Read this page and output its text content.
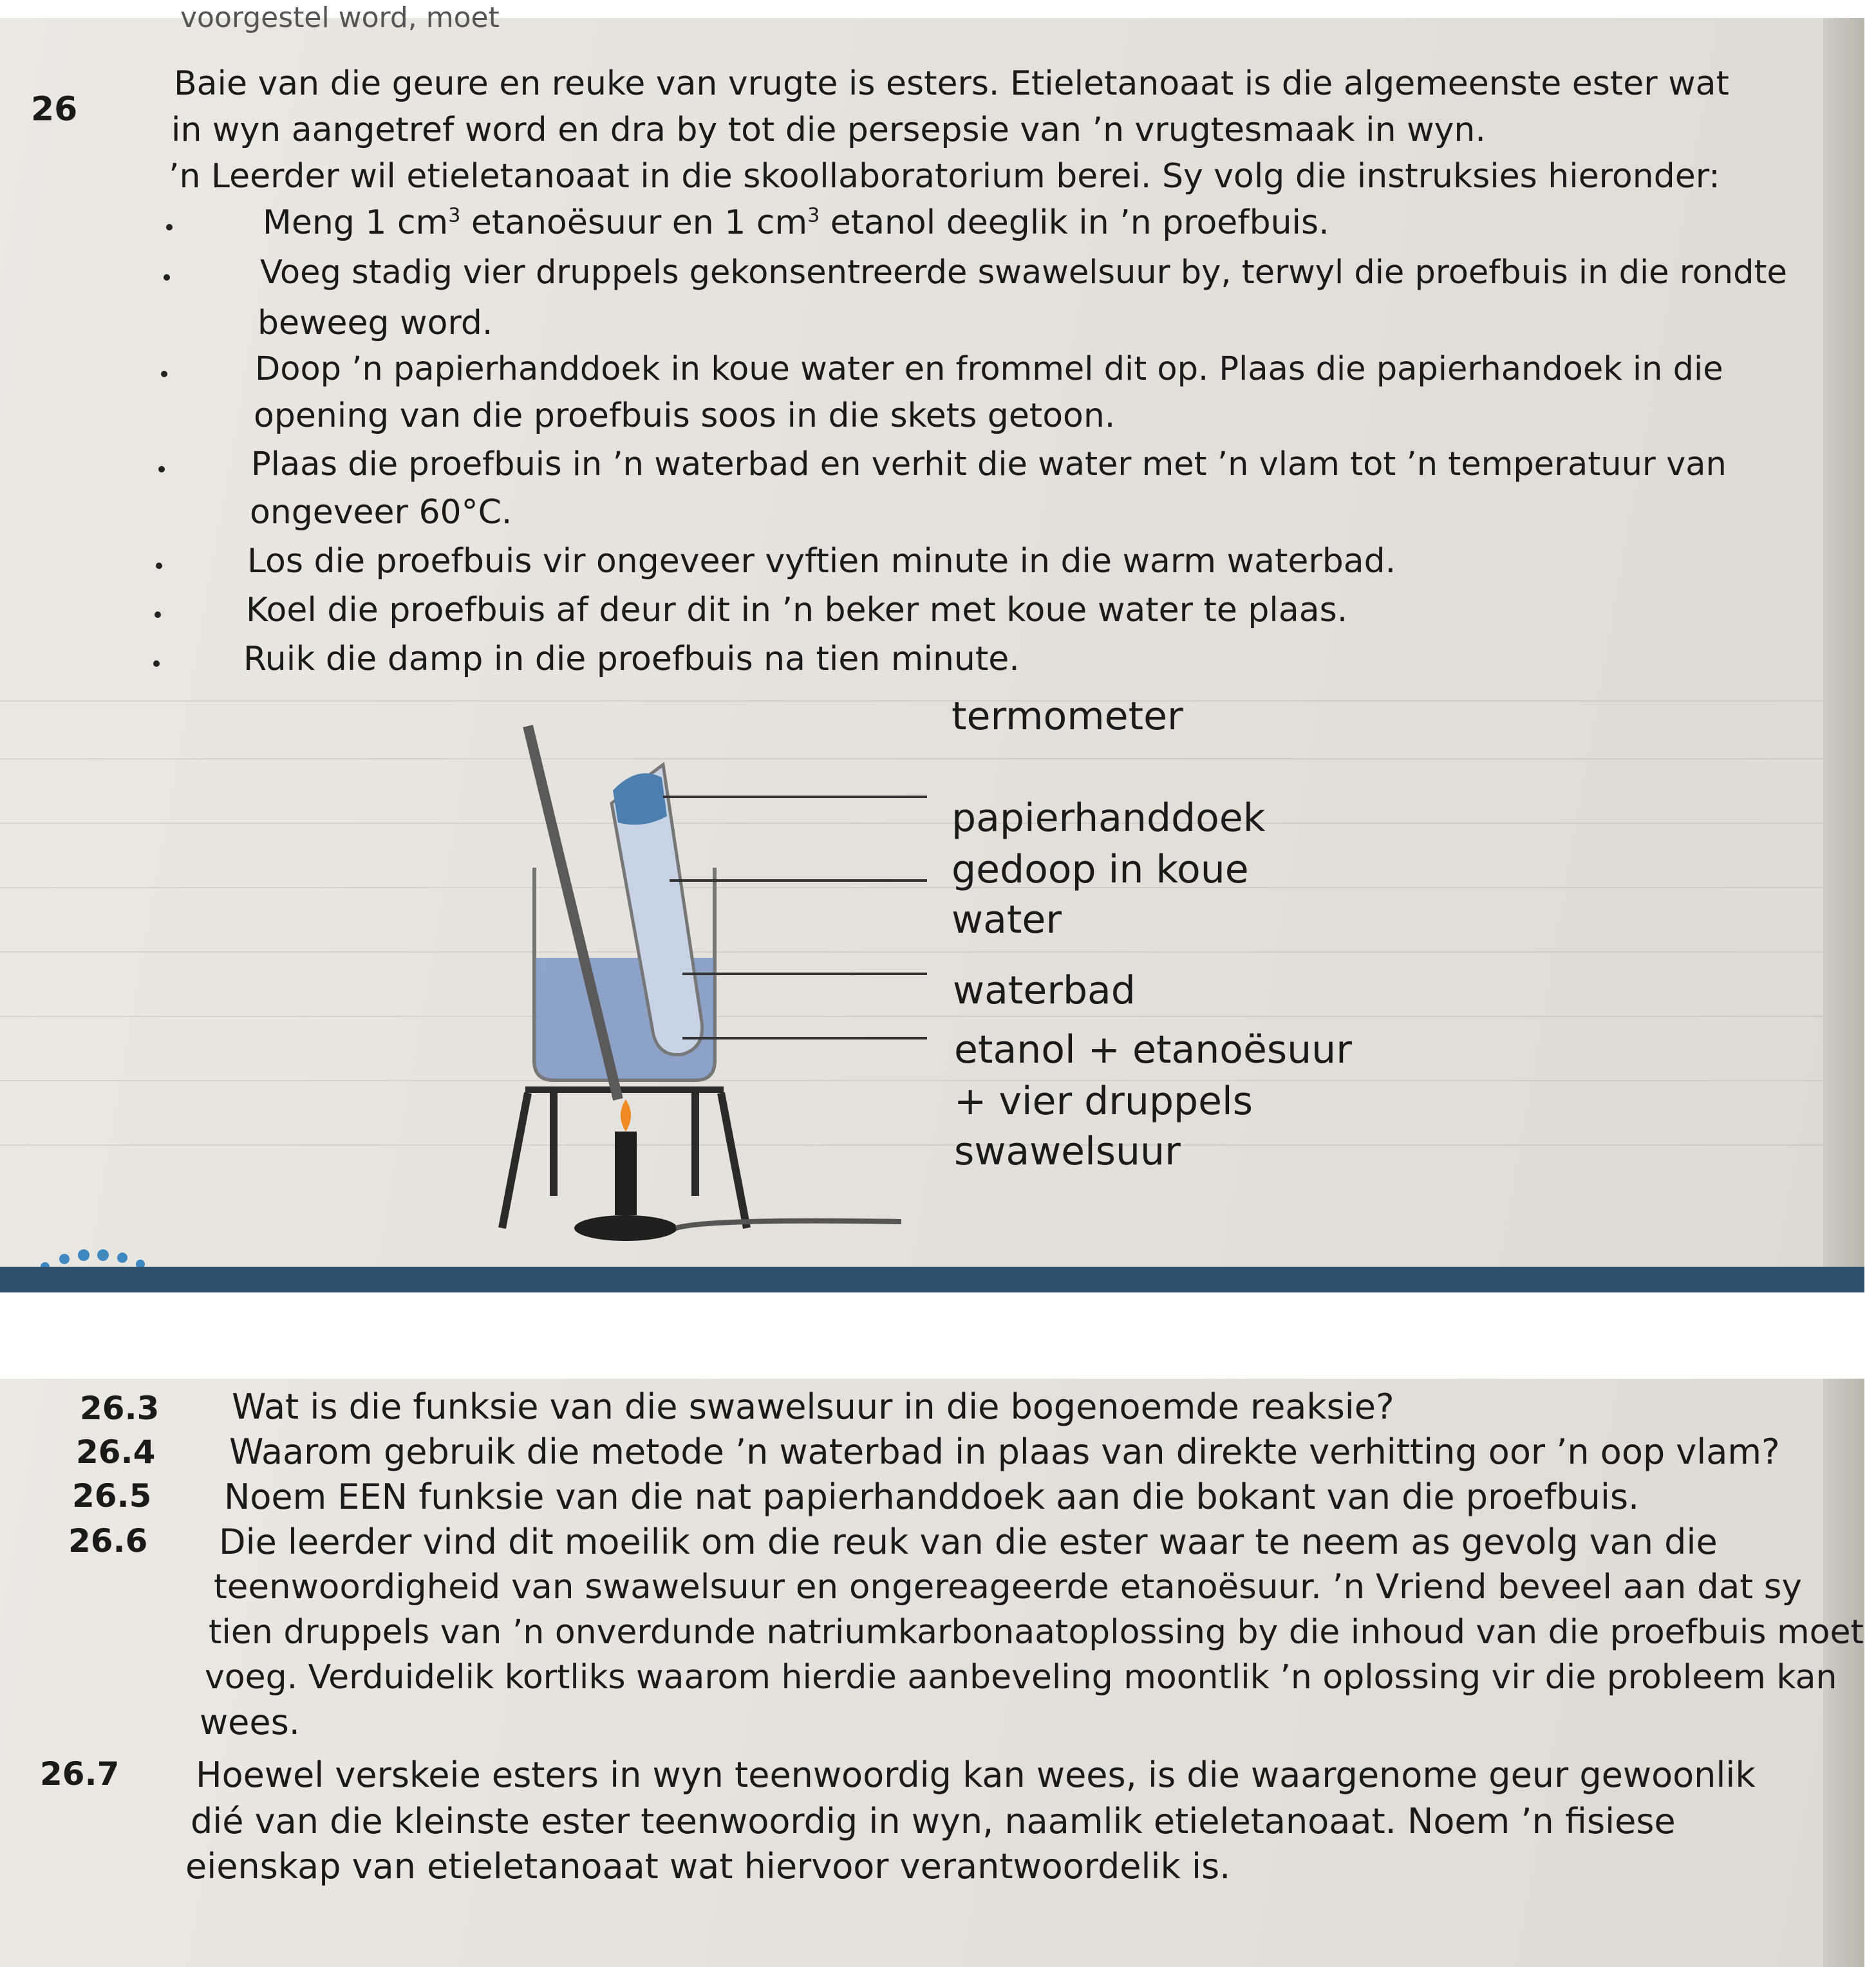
voorgestel word, moet
26
Baie van die geure en reuke van vrugte is esters. Etieletanoaat is die algemeenste ester wat
in wyn aangetref word en dra by tot die persepsie van ’n vrugtesmaak in wyn.
’n Leerder wil etieletanoaat in die skoollaboratorium berei. Sy volg die instruksies hieronder:
Meng 1 $cm^3$ etanoësuur en 1 $cm^3$ etanol deeglik in ’n proefbuis.
Voeg stadig vier druppels gekonsentreerde swawelsuur by, terwyl die proefbuis in die rondte
beweeg word.
Doop ’n papierhanddoek in koue water en frommel dit op. Plaas die papierhandoek in die
opening van die proefbuis soos in die skets getoon.
Plaas die proefbuis in ’n waterbad en verhit die water met ’n vlam tot ’n temperatuur van
ongeveer 60°C.
Los die proefbuis vir ongeveer vyftien minute in die warm waterbad.
Koel die proefbuis af deur dit in ’n beker met koue water te plaas.
Ruik die damp in die proefbuis na tien minute.
termometer
papierhanddoek
gedoop in koue
water
waterbad
etanol + etanoësuur
+ vier druppels
swawelsuur
26.3 Wat is die funksie van die swawelsuur in die bogenoemde reaksie?
26.4 Waarom gebruik die metode ’n waterbad in plaas van direkte verhitting oor ’n oop vlam?
26.5 Noem EEN funksie van die nat papierhanddoek aan die bokant van die proefbuis.
26.6 Die leerder vind dit moeilik om die reuk van die ester waar te neem as gevolg van die
teenwoordigheid van swawelsuur en ongereageerde etanoësuur. ’n Vriend beveel aan dat sy
tien druppels van ’n onverdunde natriumkarbonaatoplossing by die inhoud van die proefbuis moet
voeg. Verduidelik kortliks waarom hierdie aanbeveling moontlik ’n oplossing vir die probleem kan
wees.
26.7 Hoewel verskeie esters in wyn teenwoordig kan wees, is die waargenome geur gewoonlik
dié van die kleinste ester teenwoordig in wyn, naamlik etieletanoaat. Noem ’n fisiese
eienskap van etieletanoaat wat hiervoor verantwoordelik is.
